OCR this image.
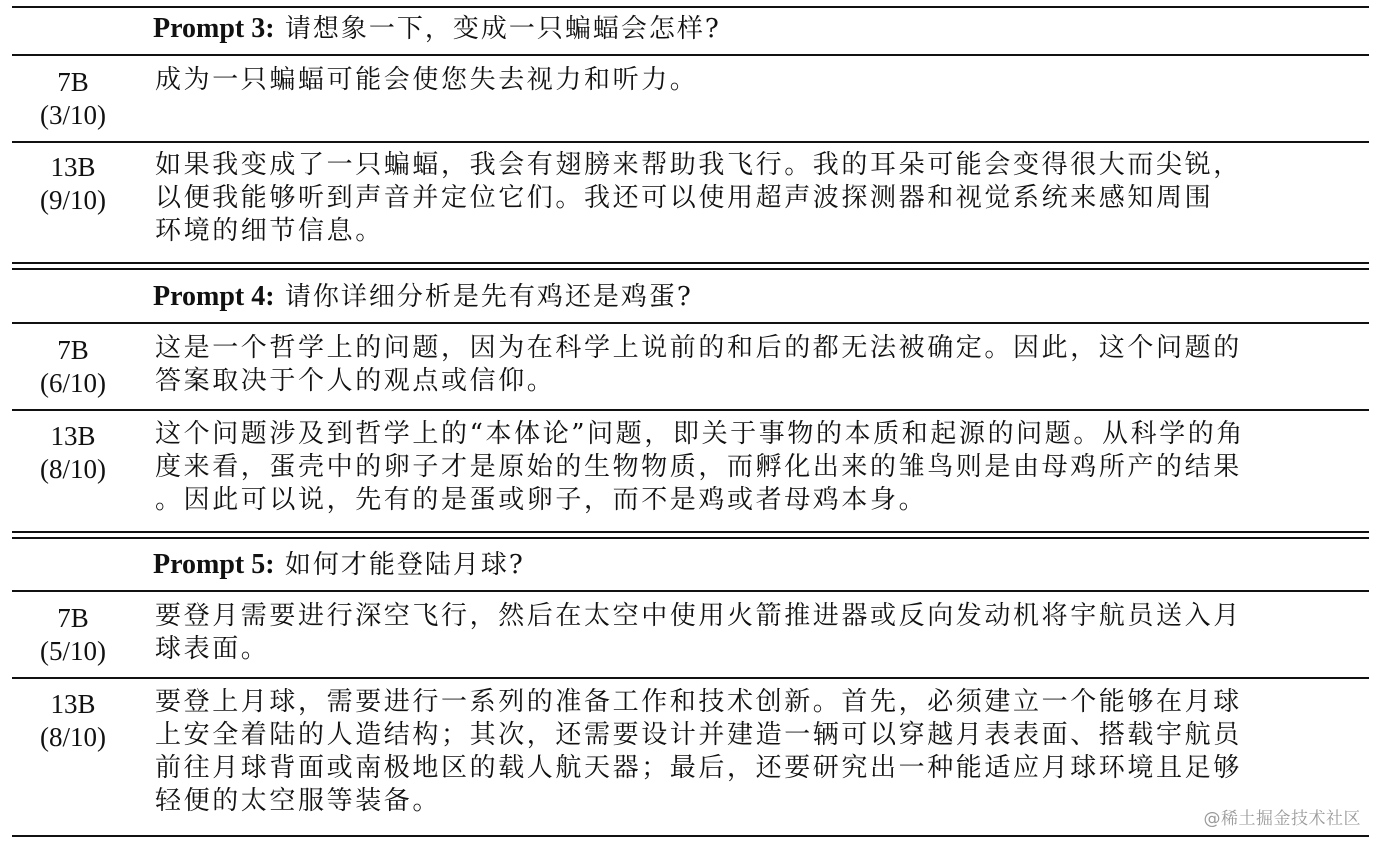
Prompt 3: 请想象一下，变成一只蝙蝠会怎样?
7B
(3/10)
成为一只蝙蝠可能会使您失去视力和听力。
13B
(9/10)
如果我变成了一只蝙蝠，我会有翅膀来帮助我飞行。我的耳朵可能会变得很大而尖锐，
以便我能够听到声音并定位它们。我还可以使用超声波探测器和视觉系统来感知周围
环境的细节信息。
Prompt 4: 请你详细分析是先有鸡还是鸡蛋?
7B
(6/10)
这是一个哲学上的问题，因为在科学上说前的和后的都无法被确定。因此，这个问题的
答案取决于个人的观点或信仰。
13B
(8/10)
这个问题涉及到哲学上的“本体论”问题，即关于事物的本质和起源的问题。从科学的角
度来看，蛋壳中的卵子才是原始的生物物质，而孵化出来的雏鸟则是由母鸡所产的结果
。因此可以说，先有的是蛋或卵子，而不是鸡或者母鸡本身。
Prompt 5: 如何才能登陆月球?
7B
(5/10)
要登月需要进行深空飞行，然后在太空中使用火箭推进器或反向发动机将宇航员送入月
球表面。
13B
(8/10)
要登上月球，需要进行一系列的准备工作和技术创新。首先，必须建立一个能够在月球
上安全着陆的人造结构；其次，还需要设计并建造一辆可以穿越月表表面、搭载宇航员
前往月球背面或南极地区的载人航天器；最后，还要研究出一种能适应月球环境且足够
轻便的太空服等装备。
@稀土掘金技术社区
